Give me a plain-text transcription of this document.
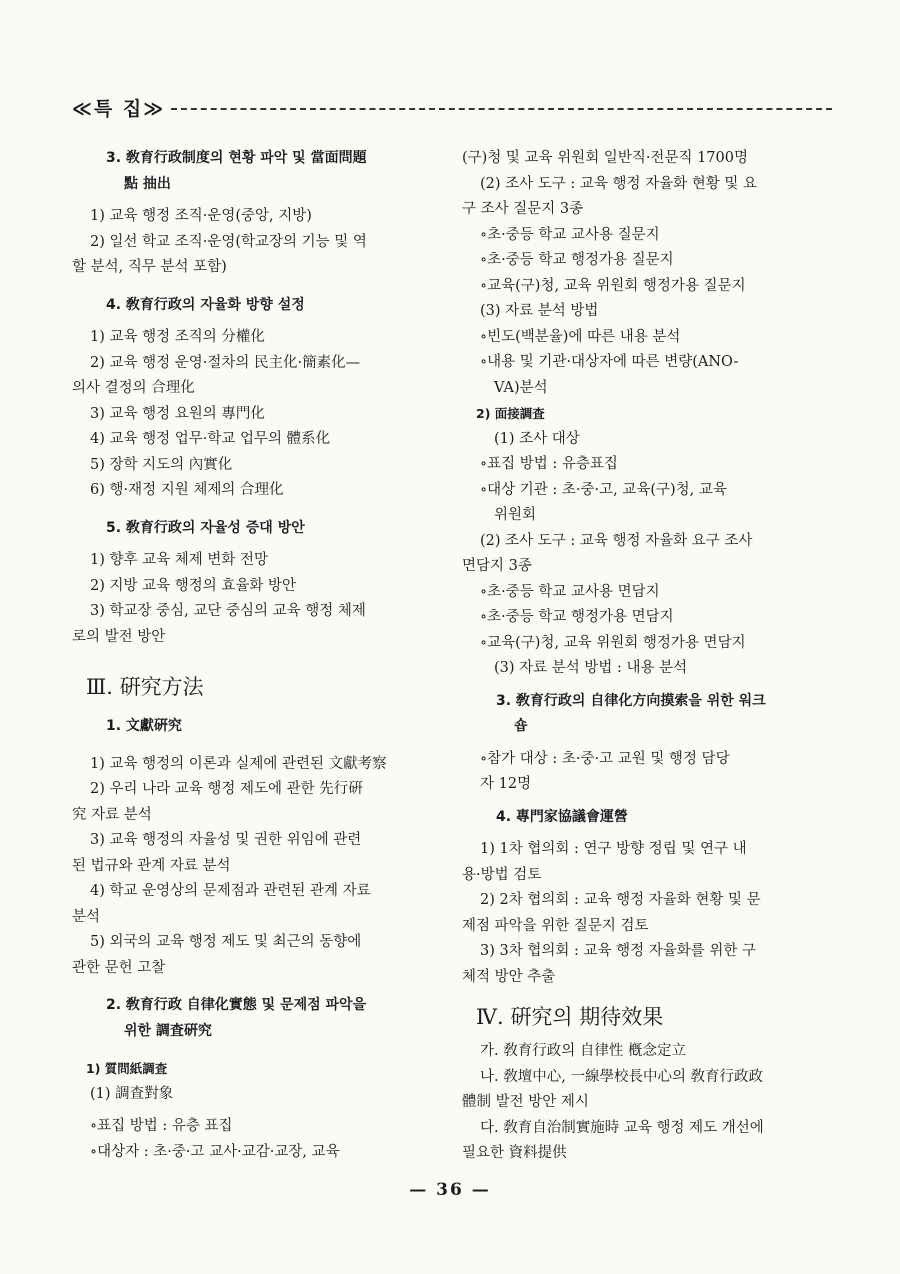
≪특 집≫
3. 敎育行政制度의 현황 파악 및 當面問題
點 抽出
1) 교육 행정 조직·운영(중앙, 지방)
2) 일선 학교 조직·운영(학교장의 기능 및 역
할 분석, 직무 분석 포함)
4. 敎育行政의 자율화 방향 설정
1) 교육 행정 조직의 分權化
2) 교육 행정 운영·절차의 民主化·簡素化—
의사 결정의 合理化
3) 교육 행정 요원의 專門化
4) 교육 행정 업무·학교 업무의 體系化
5) 장학 지도의 內實化
6) 행·재정 지원 체제의 合理化
5. 敎育行政의 자율성 증대 방안
1) 향후 교육 체제 변화 전망
2) 지방 교육 행정의 효율화 방안
3) 학교장 중심, 교단 중심의 교육 행정 체제
로의 발전 방안
Ⅲ. 硏究方法
1. 文獻硏究
1) 교육 행정의 이론과 실제에 관련된 文獻考察
2) 우리 나라 교육 행정 제도에 관한 先行硏
究 자료 분석
3) 교육 행정의 자율성 및 권한 위임에 관련
된 법규와 관계 자료 분석
4) 학교 운영상의 문제점과 관련된 관계 자료
분석
5) 외국의 교육 행정 제도 및 최근의 동향에
관한 문헌 고찰
2. 敎育行政 自律化實態 및 문제점 파악을
위한 調査硏究
1) 質問紙調査
(1) 調査對象
∘표집 방법 : 유층 표집
∘대상자 : 초·중·고 교사·교감·교장, 교육
(구)청 및 교육 위원회 일반직·전문직 1700명
(2) 조사 도구 : 교육 행정 자율화 현황 및 요
구 조사 질문지 3종
∘초·중등 학교 교사용 질문지
∘초·중등 학교 행정가용 질문지
∘교육(구)청, 교육 위원회 행정가용 질문지
(3) 자료 분석 방법
∘빈도(백분율)에 따른 내용 분석
∘내용 및 기관·대상자에 따른 변량(ANO-
VA)분석
2) 面接調査
(1) 조사 대상
∘표집 방법 : 유층표집
∘대상 기관 : 초·중·고, 교육(구)청, 교육
위원회
(2) 조사 도구 : 교육 행정 자율화 요구 조사
면담지 3종
∘초·중등 학교 교사용 면담지
∘초·중등 학교 행정가용 면담지
∘교육(구)청, 교육 위원회 행정가용 면담지
(3) 자료 분석 방법 : 내용 분석
3. 敎育行政의 自律化方向摸索을 위한 워크
숍
∘참가 대상 : 초·중·고 교원 및 행정 담당
자 12명
4. 專門家協議會運營
1) 1차 협의회 : 연구 방향 정립 및 연구 내
용·방법 검토
2) 2차 협의회 : 교육 행정 자율화 현황 및 문
제점 파악을 위한 질문지 검토
3) 3차 협의회 : 교육 행정 자율화를 위한 구
체적 방안 추출
Ⅳ. 硏究의 期待效果
가. 敎育行政의 自律性 槪念定立
나. 敎壇中心, 一線學校長中心의 敎育行政政
體制 발전 방안 제시
다. 敎育自治制實施時 교육 행정 제도 개선에
필요한 資料提供
— 36 —
